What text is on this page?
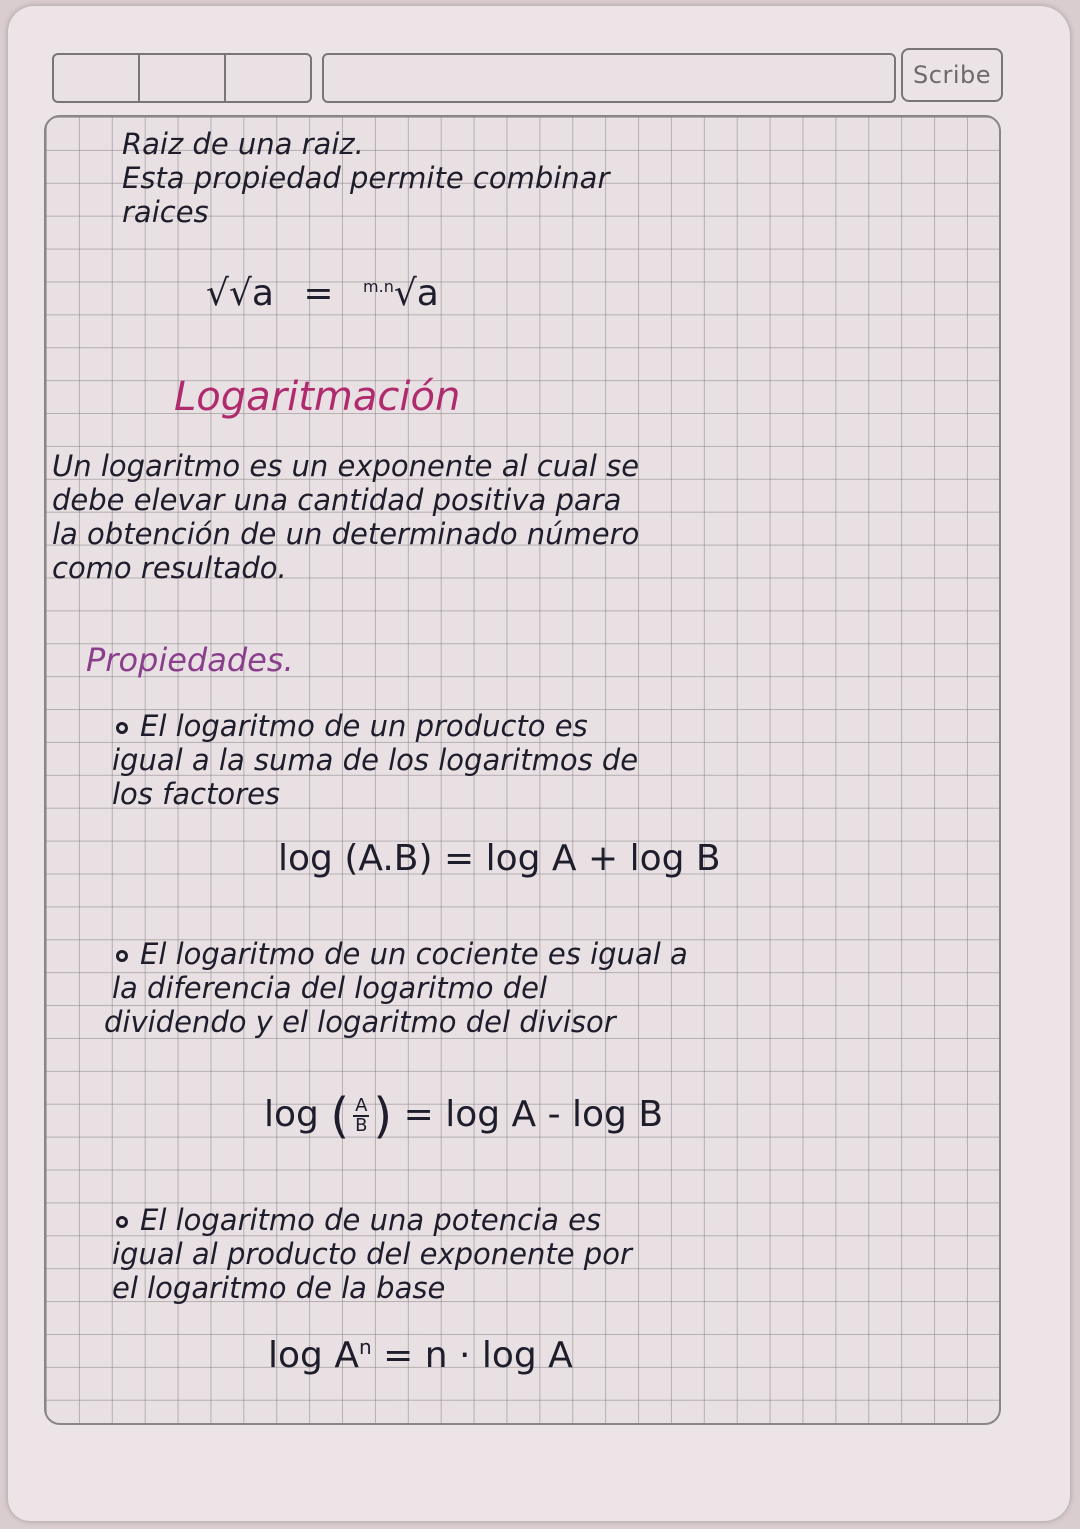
Scribe
Raiz de una raiz.
Esta propiedad permite combinar
raices
√√a = $^{m.n}$√a
Logaritmación
Un logaritmo es un exponente al cual se
debe elevar una cantidad positiva para
la obtención de un determinado número
como resultado.
Propiedades.
El logaritmo de un producto es
igual a la suma de los logaritmos de
los factores
log (A.B) = log A + log B
El logaritmo de un cociente es igual a
la diferencia del logaritmo del
dividendo y el logaritmo del divisor
log ( $\frac{A}{B}$ ) = log A - log B
El logaritmo de una potencia es
igual al producto del exponente por
el logaritmo de la base
$\log A^n = n \cdot \log A$
